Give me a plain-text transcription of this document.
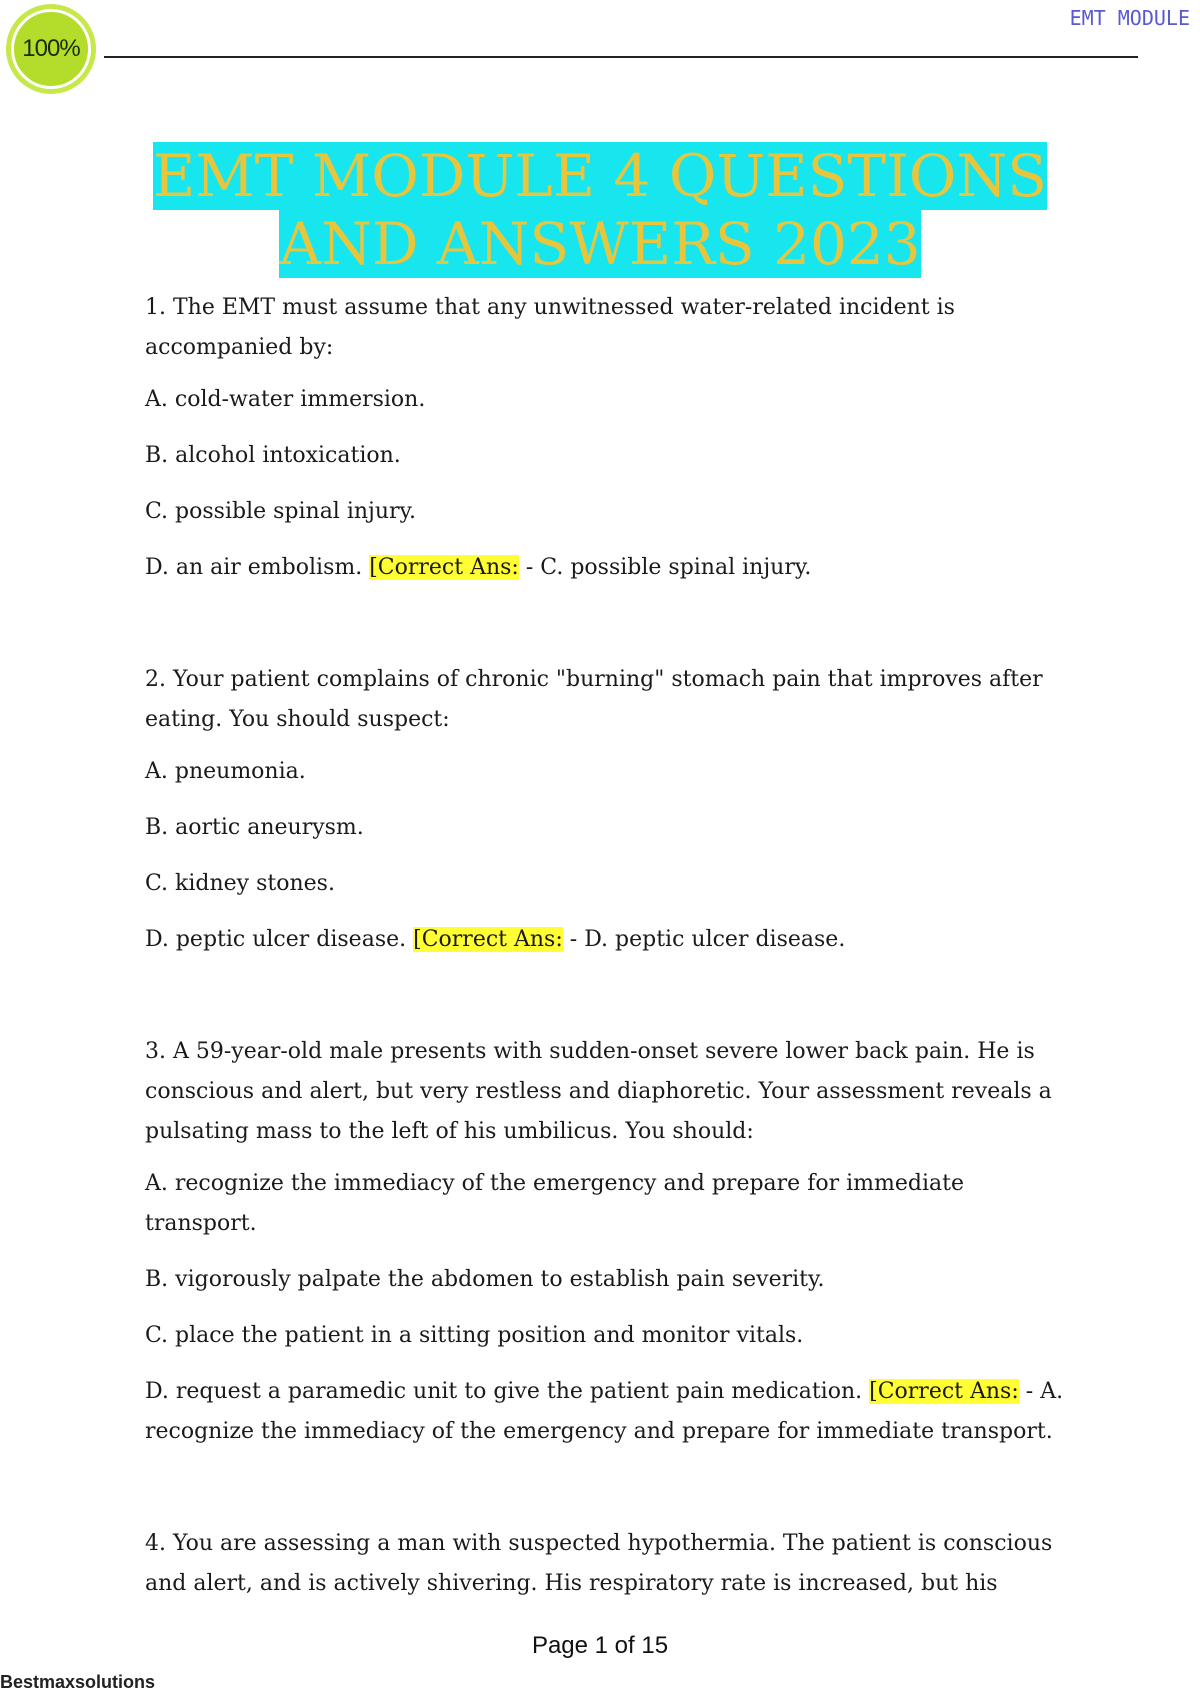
100%
EMT MODULE
EMT MODULE 4 QUESTIONS
AND ANSWERS 2023
1. The EMT must assume that any unwitnessed water-related incident is
accompanied by:
A. cold-water immersion.
B. alcohol intoxication.
C. possible spinal injury.
D. an air embolism. [Correct Ans: - C. possible spinal injury.
2. Your patient complains of chronic "burning" stomach pain that improves after
eating. You should suspect:
A. pneumonia.
B. aortic aneurysm.
C. kidney stones.
D. peptic ulcer disease. [Correct Ans: - D. peptic ulcer disease.
3. A 59-year-old male presents with sudden-onset severe lower back pain. He is
conscious and alert, but very restless and diaphoretic. Your assessment reveals a
pulsating mass to the left of his umbilicus. You should:
A. recognize the immediacy of the emergency and prepare for immediate transport.
B. vigorously palpate the abdomen to establish pain severity.
C. place the patient in a sitting position and monitor vitals.
D. request a paramedic unit to give the patient pain medication. [Correct Ans: - A.
recognize the immediacy of the emergency and prepare for immediate transport.
4. You are assessing a man with suspected hypothermia. The patient is conscious
and alert, and is actively shivering. His respiratory rate is increased, but his
Page 1 of 15
Bestmaxsolutions
